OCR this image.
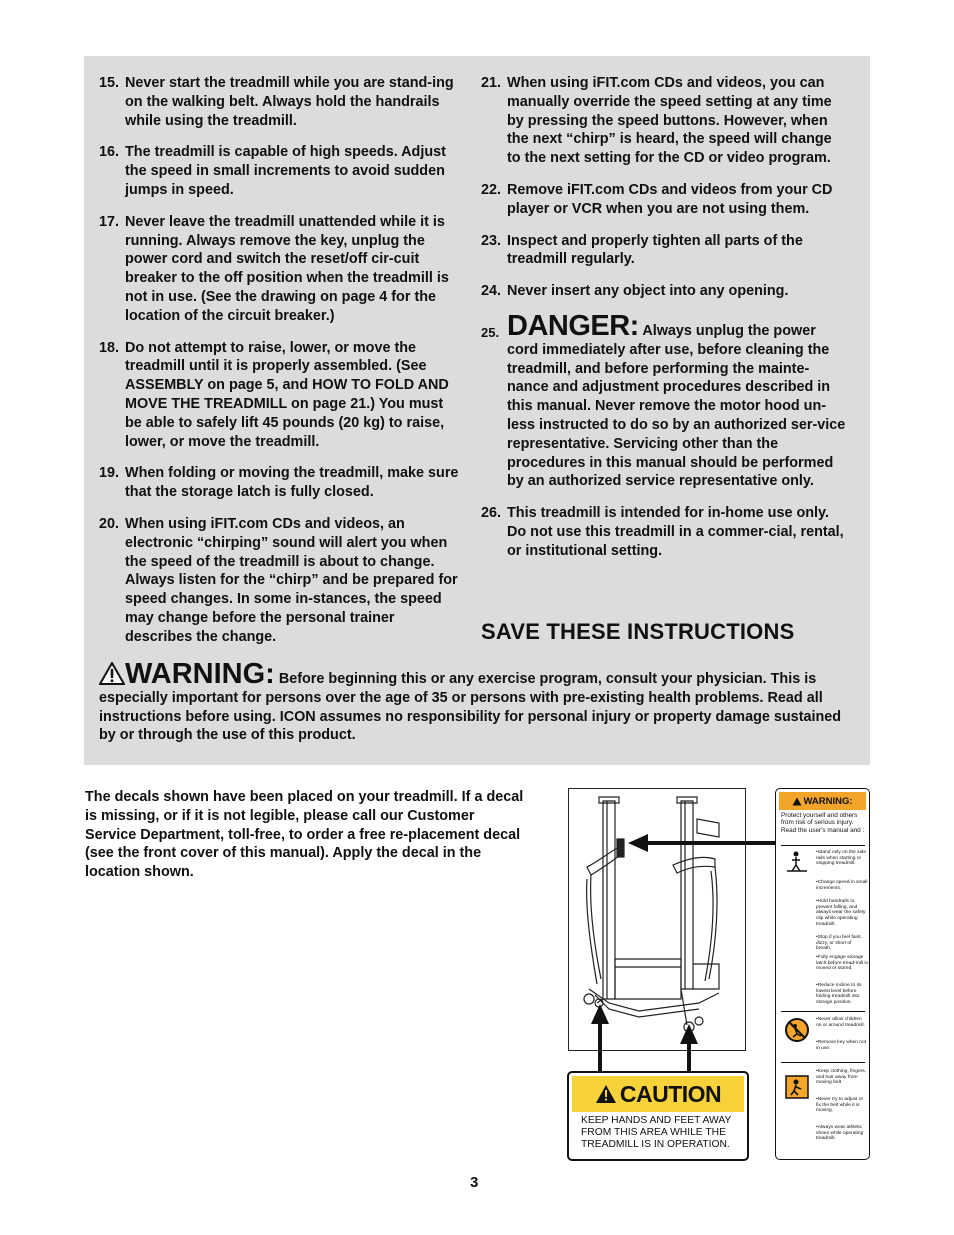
15. Never start the treadmill while you are stand-ing on the walking belt. Always hold the handrails while using the treadmill.
16. The treadmill is capable of high speeds. Adjust the speed in small increments to avoid sudden jumps in speed.
17. Never leave the treadmill unattended while it is running. Always remove the key, unplug the power cord and switch the reset/off cir-cuit breaker to the off position when the treadmill is not in use. (See the drawing on page 4 for the location of the circuit breaker.)
18. Do not attempt to raise, lower, or move the treadmill until it is properly assembled. (See ASSEMBLY on page 5, and HOW TO FOLD AND MOVE THE TREADMILL on page 21.) You must be able to safely lift 45 pounds (20 kg) to raise, lower, or move the treadmill.
19. When folding or moving the treadmill, make sure that the storage latch is fully closed.
20. When using iFIT.com CDs and videos, an electronic “chirping” sound will alert you when the speed of the treadmill is about to change. Always listen for the “chirp” and be prepared for speed changes. In some in-stances, the speed may change before the personal trainer describes the change.
21. When using iFIT.com CDs and videos, you can manually override the speed setting at any time by pressing the speed buttons. However, when the next “chirp” is heard, the speed will change to the next setting for the CD or video program.
22. Remove iFIT.com CDs and videos from your CD player or VCR when you are not using them.
23. Inspect and properly tighten all parts of the treadmill regularly.
24. Never insert any object into any opening.
25. DANGER: Always unplug the power cord immediately after use, before cleaning the treadmill, and before performing the mainte-nance and adjustment procedures described in this manual. Never remove the motor hood un-less instructed to do so by an authorized ser-vice representative. Servicing other than the procedures in this manual should be performed by an authorized service representative only.
26. This treadmill is intended for in-home use only. Do not use this treadmill in a commer-cial, rental, or institutional setting.
SAVE THESE INSTRUCTIONS
WARNING: Before beginning this or any exercise program, consult your physician. This is especially important for persons over the age of 35 or persons with pre-existing health problems. Read all instructions before using. ICON assumes no responsibility for personal injury or property damage sustained by or through the use of this product.
The decals shown have been placed on your treadmill. If a decal is missing, or if it is not legible, please call our Customer Service Department, toll-free, to order a free re-placement decal (see the front cover of this manual). Apply the decal in the location shown.
CAUTION
KEEP HANDS AND FEET AWAY
FROM THIS AREA WHILE THE
TREADMILL IS IN OPERATION.
WARNING:
Protect yourself and others from risk of serious injury. Read the user's manual and :
•Stand only on the side rails when starting or stopping treadmill.
•Change speed in small increments.
•Hold handrails to prevent falling, and always wear the safety clip while operating treadmill.
•Stop if you feel faint, dizzy, or short of breath.
•Fully engage storage latch before tread-mill is moved or stored.
•Reduce incline to its lowest level before folding treadmill into storage position.
•Never allow children on or around treadmill.
•Remove key when not in use.
•Keep clothing, fingers, and hair away from moving belt.
•Never try to adjust or fix the belt while it is moving.
•Always wear athletic shoes while operating treadmill.
3
